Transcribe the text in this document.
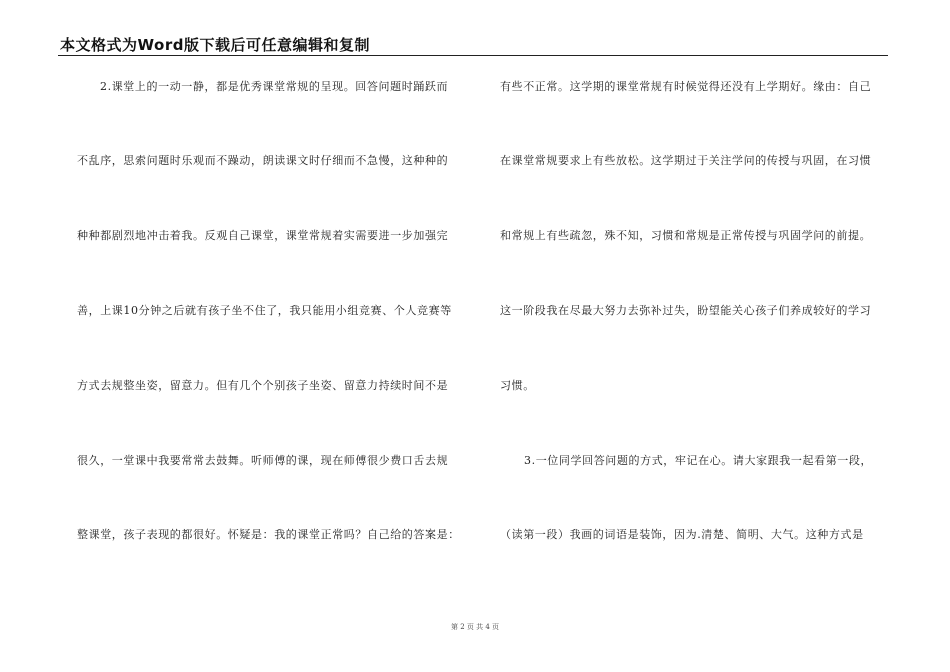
本文格式为Word版下载后可任意编辑和复制
2.课堂上的一动一静，都是优秀课堂常规的呈现。回答问题时踊跃而
不乱序，思索问题时乐观而不躁动，朗读课文时仔细而不急慢，这种种的
种种都剧烈地冲击着我。反观自己课堂，课堂常规着实需要进一步加强完
善，上课10分钟之后就有孩子坐不住了，我只能用小组竞赛、个人竞赛等
方式去规整坐姿，留意力。但有几个个别孩子坐姿、留意力持续时间不是
很久，一堂课中我要常常去鼓舞。听师傅的课，现在师傅很少费口舌去规
整课堂，孩子表现的都很好。怀疑是：我的课堂正常吗？自己给的答案是：
有些不正常。这学期的课堂常规有时候觉得还没有上学期好。缘由：自己
在课堂常规要求上有些放松。这学期过于关注学问的传授与巩固，在习惯
和常规上有些疏忽，殊不知，习惯和常规是正常传授与巩固学问的前提。
这一阶段我在尽最大努力去弥补过失，盼望能关心孩子们养成较好的学习
习惯。
3.一位同学回答问题的方式，牢记在心。请大家跟我一起看第一段，
（读第一段）我画的词语是装饰，因为.清楚、简明、大气。这种方式是
第 2 页 共 4 页
